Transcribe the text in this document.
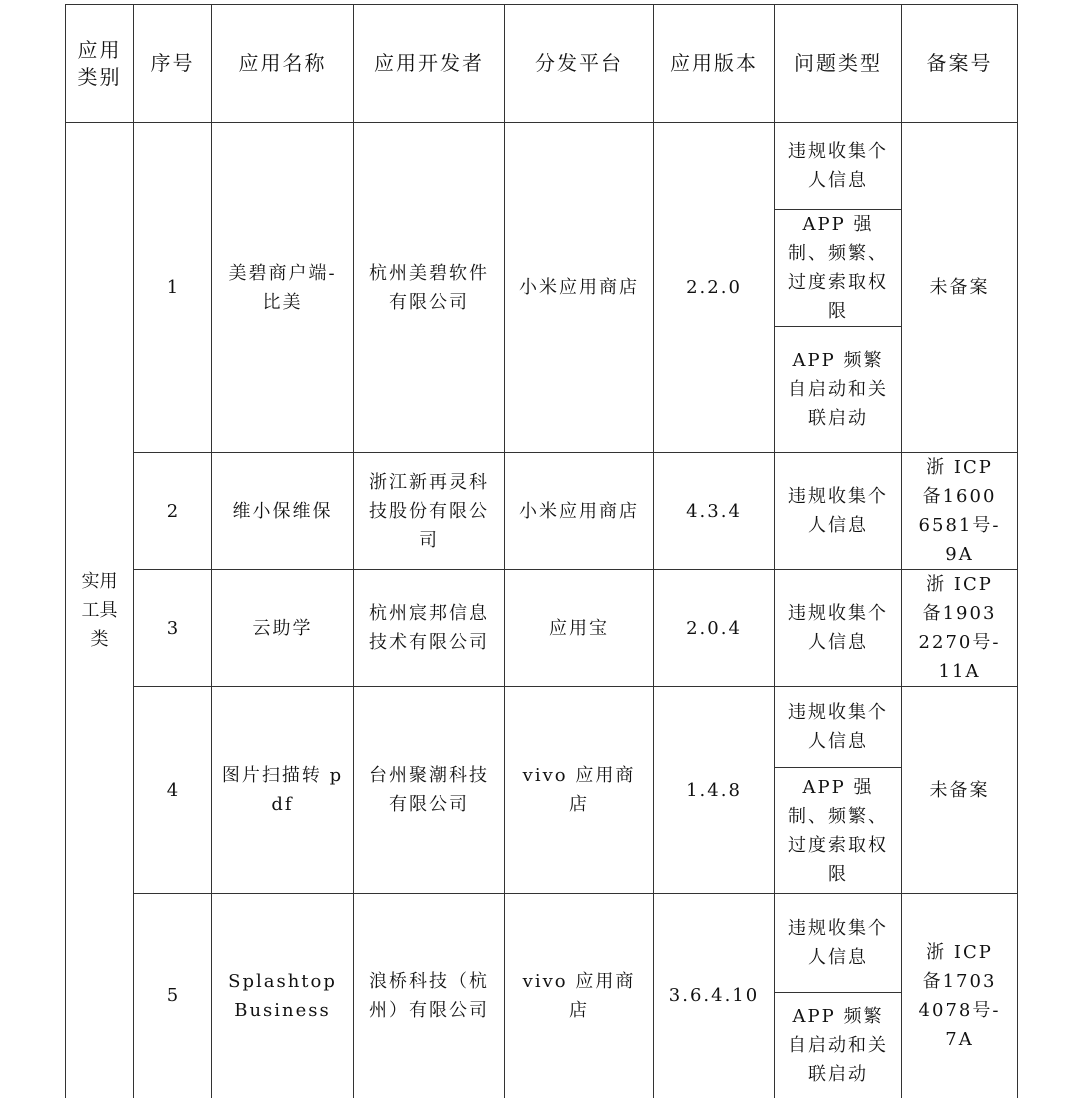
应用类别	序号	应用名称	应用开发者	分发平台	应用版本	问题类型	备案号
实用工具类	1	美碧商户端-比美	杭州美碧软件有限公司	小米应用商店	2.2.0	违规收集个人信息	未备案
						APP 强制、频繁、过度索取权限	
						APP 频繁自启动和关联启动	
	2	维小保维保	浙江新再灵科技股份有限公司	小米应用商店	4.3.4	违规收集个人信息	浙 ICP 备16006581号-9A
	3	云助学	杭州宸邦信息技术有限公司	应用宝	2.0.4	违规收集个人信息	浙 ICP 备19032270号-11A
	4	图片扫描转 pdf	台州聚潮科技有限公司	vivo 应用商店	1.4.8	违规收集个人信息	未备案
						APP 强制、频繁、过度索取权限	
	5	Splashtop Business	浪桥科技（杭州）有限公司	vivo 应用商店	3.6.4.10	违规收集个人信息	浙 ICP 备17034078号-7A
						APP 频繁自启动和关联启动	
